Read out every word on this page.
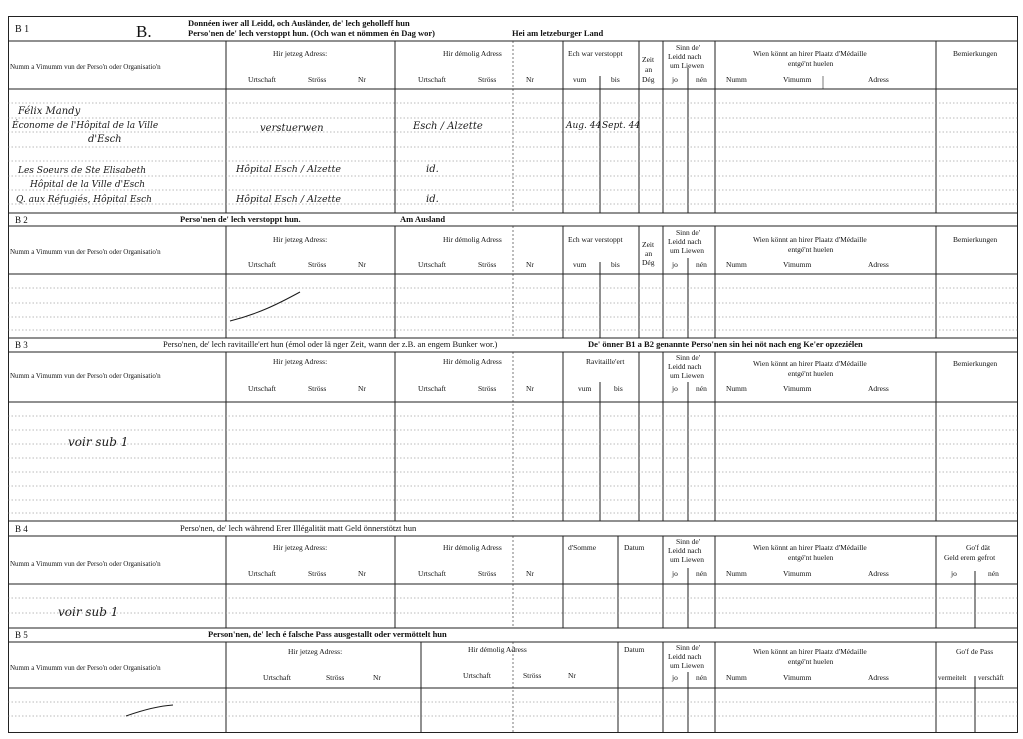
B 1	B.	Donnéen iwer all Leidd, och Ausländer, de' lech geholleff hun
Perso'nen de' lech verstoppt hun. (Och wan et nömmen én Dag wor)	Hei am letzeburger Land
Numm a Vimumm vun der Perso'n oder Organisatio'n
Hir jetzeg Adress:
Urtschaft	Ströss	Nr
Hir démolig Adress
Urtschaft	Ströss	Nr
Ech war verstoppt
vum	bis
Zeit
an
Dég
Sinn de'
Leidd nach
um Liewen
jo nén
Wien könnt an hirer Plaatz d'Médaille
entgé'nt huelen
Numm	Vimumm	Adress
Bemierkungen
Félix Mandy
Économe de l'Hôpital de la Ville
d'Esch
verstuerwen	Esch / Alzette	Aug. 44 Sept. 44
Les Soeurs de Ste Elisabeth
Hôpital de la Ville d'Esch
Q. aux Réfugiés, Hôpital Esch
Hôpital Esch / Alzette	id.
Hôpital Esch / Alzette	id.
B 2	Perso'nen de' lech verstoppt hun.	Am Ausland
Numm a Vimumm vun der Perso'n oder Organisatio'n
Hir jetzeg Adress:
Urtschaft	Ströss	Nr
Hir démolig Adress
Urtschaft	Ströss	Nr
Ech war verstoppt
vum	bis
Zeit
an
Dég
Sinn de'
Leidd nach
um Liewen
jo nén
Wien könnt an hirer Plaatz d'Médaille
entgé'nt huelen
Numm	Vimumm	Adress
Bemierkungen
B 3	Perso'nen, de' lech ravitaille'ert hun (émol oder lä nger Zeit, wann der z.B. an engem Bunker wor.)	De' önner B1 a B2 genannte Perso'nen sin hei nöt nach eng Ke'er opzeziélen
Numm a Vimumm vun der Perso'n oder Organisatio'n
Hir jetzeg Adress:
Urtschaft	Ströss	Nr
Hir démolig Adress
Urtschaft	Ströss	Nr
Ravitaille'ert
vum	bis
Sinn de'
Leidd nach
um Liewen
jo nén
Wien könnt an hirer Plaatz d'Médaille
entgé'nt huelen
Numm	Vimumm	Adress
Bemierkungen
voir sub 1
B 4	Perso'nen, de' lech während Erer Illégalität matt Geld önnerstötzt hun
Numm a Vimumm vun der Perso'n oder Organisatio'n
Hir jetzeg Adress:
Urtschaft	Ströss	Nr
Hir démolig Adress
Urtschaft	Ströss	Nr
d'Somme	Datum
Sinn de'
Leidd nach
um Liewen
jo nén
Wien könnt an hirer Plaatz d'Médaille
entgé'nt huelen
Numm	Vimumm	Adress
Go'f dät
Geld erem gefrot
jo	nén
voir sub 1
B 5	Person'nen, de' lech é falsche Pass ausgestallt oder vermöttelt hun
Numm a Vimumm vun der Perso'n oder Organisatio'n
Hir jetzeg Adress:
Urtschaft	Ströss	Nr
Hir démolig Adress
Urtschaft	Ströss	Nr
Datum	Sinn de'
Leidd nach
um Liewen
jo nén
Wien könnt an hirer Plaatz d'Médaille
entgé'nt huelen
Numm	Vimumm	Adress
Go'f de Pass
vermeitelt verschäft
